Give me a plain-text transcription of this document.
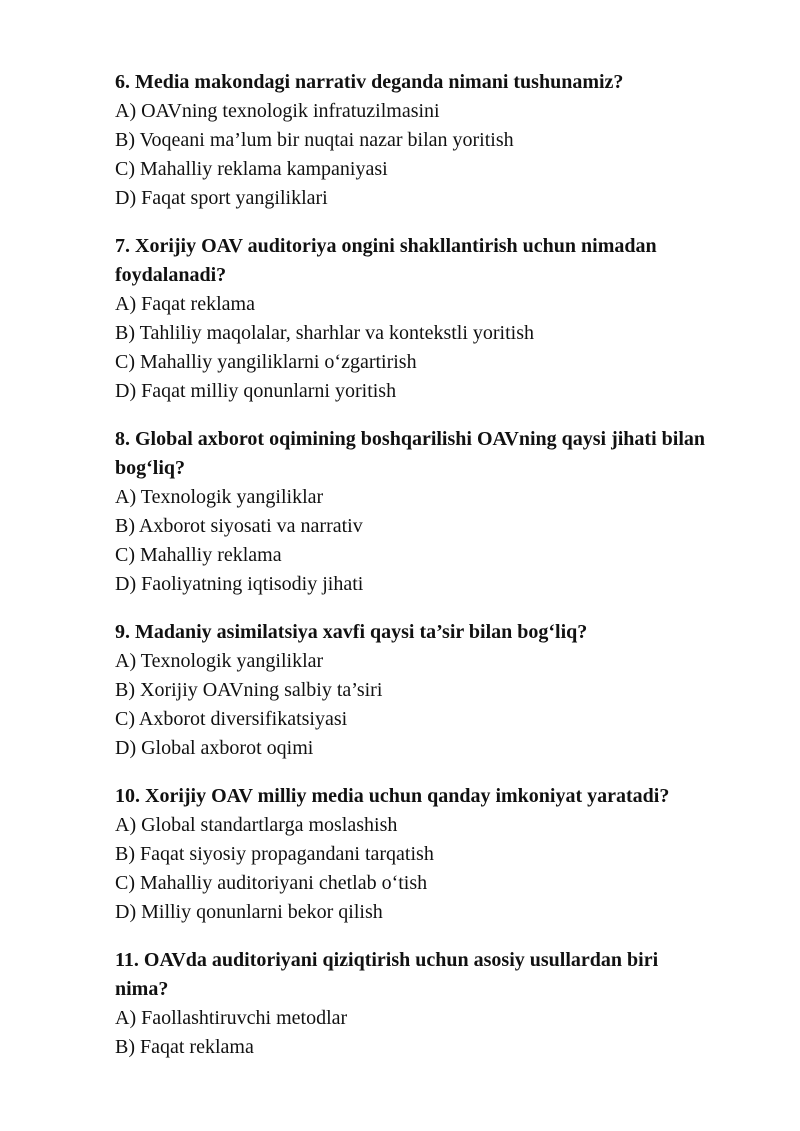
6. Media makondagi narrativ deganda nimani tushunamiz?

A) OAVning texnologik infratuzilmasini

B) Voqeani ma’lum bir nuqtai nazar bilan yoritish

C) Mahalliy reklama kampaniyasi

D) Faqat sport yangiliklari

7. Xorijiy OAV auditoriya ongini shakllantirish uchun nimadan foydalanadi?

A) Faqat reklama

B) Tahliliy maqolalar, sharhlar va kontekstli yoritish

C) Mahalliy yangiliklarni o‘zgartirish

D) Faqat milliy qonunlarni yoritish

8. Global axborot oqimining boshqarilishi OAVning qaysi jihati bilan bog‘liq?

A) Texnologik yangiliklar

B) Axborot siyosati va narrativ

C) Mahalliy reklama

D) Faoliyatning iqtisodiy jihati

9. Madaniy asimilatsiya xavfi qaysi ta’sir bilan bog‘liq?

A) Texnologik yangiliklar

B) Xorijiy OAVning salbiy ta’siri

C) Axborot diversifikatsiyasi

D) Global axborot oqimi

10. Xorijiy OAV milliy media uchun qanday imkoniyat yaratadi?

A) Global standartlarga moslashish

B) Faqat siyosiy propagandani tarqatish

C) Mahalliy auditoriyani chetlab o‘tish

D) Milliy qonunlarni bekor qilish

11. OAVda auditoriyani qiziqtirish uchun asosiy usullardan biri nima?

A) Faollashtiruvchi metodlar

B) Faqat reklama
